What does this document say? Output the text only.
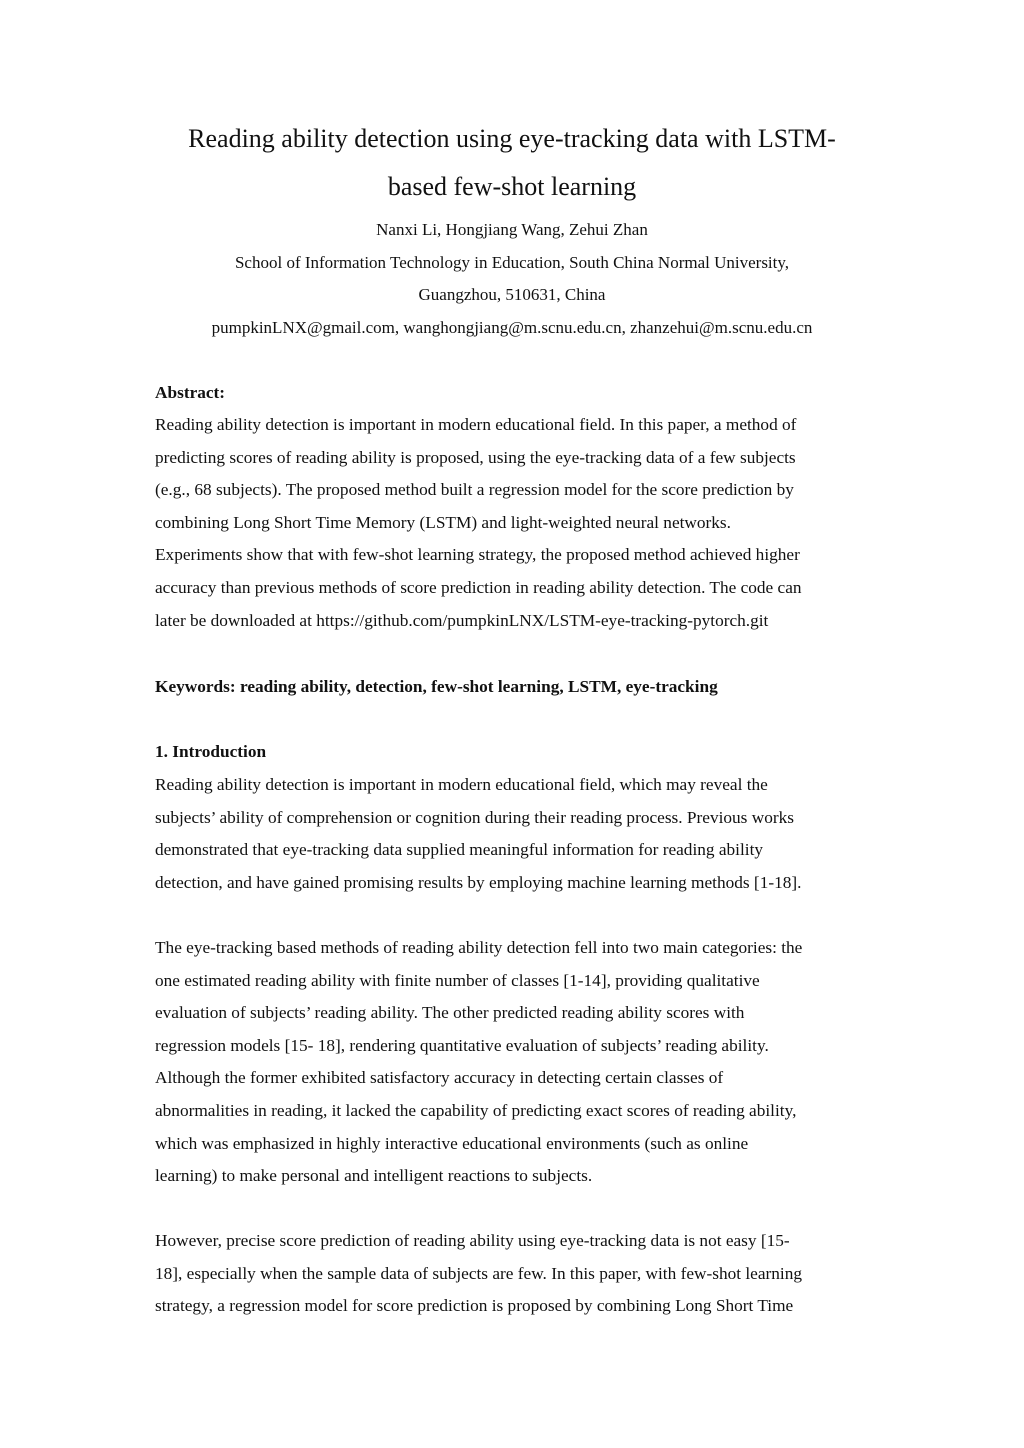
Reading ability detection using eye-tracking data with LSTM-
based few-shot learning

Nanxi Li, Hongjiang Wang, Zehui Zhan

School of Information Technology in Education, South China Normal University,

Guangzhou, 510631, China

pumpkinLNX@gmail.com, wanghongjiang@m.scnu.edu.cn, zhanzehui@m.scnu.edu.cn

Abstract:

Reading ability detection is important in modern educational field. In this paper, a method of
predicting scores of reading ability is proposed, using the eye-tracking data of a few subjects
(e.g., 68 subjects). The proposed method built a regression model for the score prediction by
combining Long Short Time Memory (LSTM) and light-weighted neural networks.
Experiments show that with few-shot learning strategy, the proposed method achieved higher
accuracy than previous methods of score prediction in reading ability detection. The code can
later be downloaded at https://github.com/pumpkinLNX/LSTM-eye-tracking-pytorch.git

Keywords: reading ability, detection, few-shot learning, LSTM, eye-tracking

1. Introduction

Reading ability detection is important in modern educational field, which may reveal the
subjects’ ability of comprehension or cognition during their reading process. Previous works
demonstrated that eye-tracking data supplied meaningful information for reading ability
detection, and have gained promising results by employing machine learning methods [1-18].

The eye-tracking based methods of reading ability detection fell into two main categories: the
one estimated reading ability with finite number of classes [1-14], providing qualitative
evaluation of subjects’ reading ability. The other predicted reading ability scores with
regression models [15- 18], rendering quantitative evaluation of subjects’ reading ability.
Although the former exhibited satisfactory accuracy in detecting certain classes of
abnormalities in reading, it lacked the capability of predicting exact scores of reading ability,
which was emphasized in highly interactive educational environments (such as online
learning) to make personal and intelligent reactions to subjects.

However, precise score prediction of reading ability using eye-tracking data is not easy [15-
18], especially when the sample data of subjects are few. In this paper, with few-shot learning
strategy, a regression model for score prediction is proposed by combining Long Short Time
